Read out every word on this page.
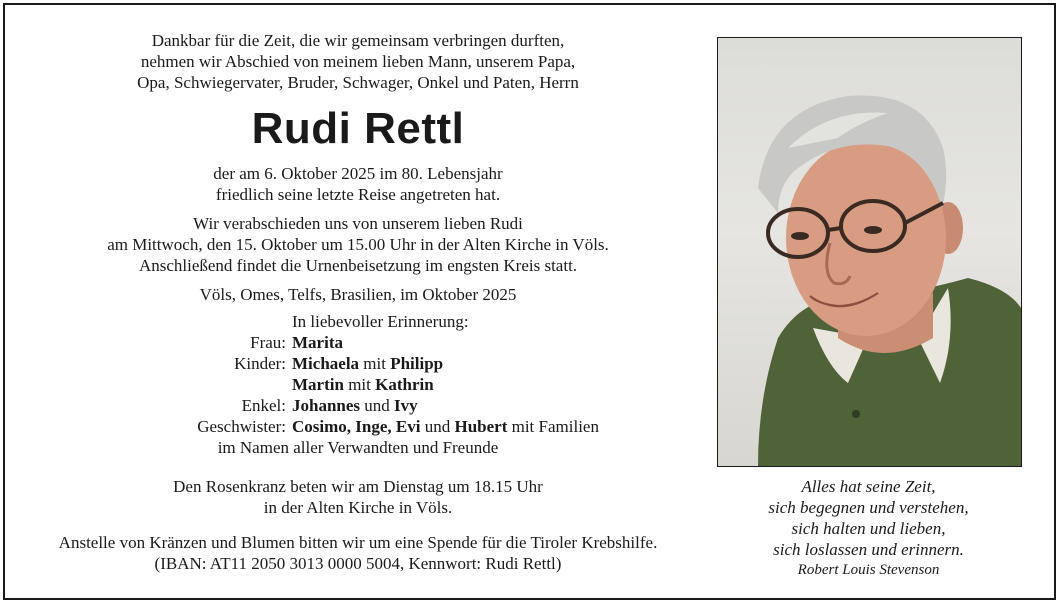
Dankbar für die Zeit, die wir gemeinsam verbringen durften,

nehmen wir Abschied von meinem lieben Mann, unserem Papa,

Opa, Schwiegervater, Bruder, Schwager, Onkel und Paten, Herrn

Rudi Rettl

der am 6. Oktober 2025 im 80. Lebensjahr

friedlich seine letzte Reise angetreten hat.

Wir verabschieden uns von unserem lieben Rudi

am Mittwoch, den 15. Oktober um 15.00 Uhr in der Alten Kirche in Völs.

Anschließend findet die Urnenbeisetzung im engsten Kreis statt.

Völs, Omes, Telfs, Brasilien, im Oktober 2025

In liebevoller Erinnerung:
Frau: Marita
Kinder: Michaela mit Philipp
Martin mit Kathrin
Enkel: Johannes und Ivy
Geschwister: Cosimo, Inge, Evi und Hubert mit Familien

im Namen aller Verwandten und Freunde

Den Rosenkranz beten wir am Dienstag um 18.15 Uhr

in der Alten Kirche in Völs.

Anstelle von Kränzen und Blumen bitten wir um eine Spende für die Tiroler Krebshilfe.

(IBAN: AT11 2050 3013 0000 5004, Kennwort: Rudi Rettl)

Alles hat seine Zeit,
sich begegnen und verstehen,
sich halten und lieben,
sich loslassen und erinnern.
Robert Louis Stevenson
